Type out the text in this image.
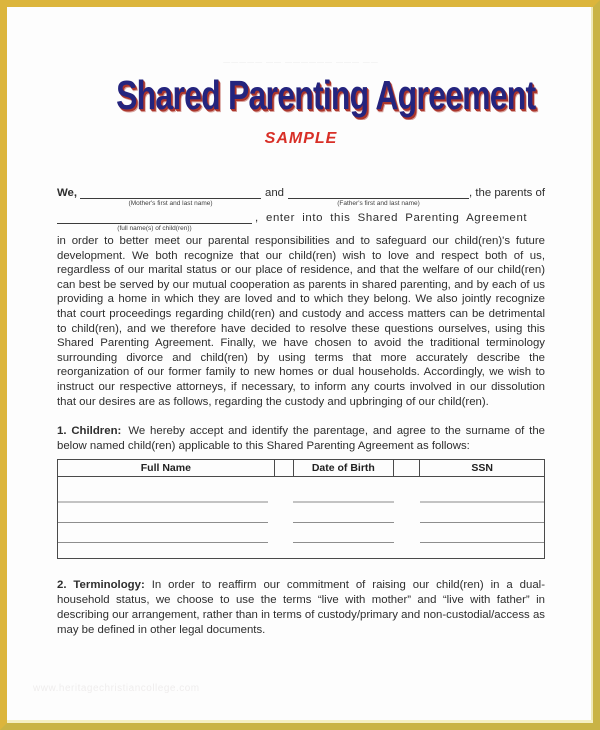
――――― ―― ―――――― ――― ――
Shared Parenting Agreement
SAMPLE
We,
(Mother's first and last name)
and
(Father's first and last name)
, the parents of
(full name(s) of child(ren))
, enter into this Shared Parenting Agreement

in order to better meet our parental responsibilities and to safeguard our child(ren)'s future development. We both recognize that our child(ren) wish to love and respect both of us, regardless of our marital status or our place of residence, and that the welfare of our child(ren) can best be served by our mutual cooperation as parents in shared parenting, and by each of us providing a home in which they are loved and to which they belong. We also jointly recognize that court proceedings regarding child(ren) and custody and access matters can be detrimental to child(ren), and we therefore have decided to resolve these questions ourselves, using this Shared Parenting Agreement. Finally, we have chosen to avoid the traditional terminology surrounding divorce and child(ren) by using terms that more accurately describe the reorganization of our former family to new homes or dual households. Accordingly, we wish to instruct our respective attorneys, if necessary, to inform any courts involved in our dissolution that our desires are as follows, regarding the custody and upbringing of our child(ren).

1. Children: We hereby accept and identify the parentage, and agree to the surname of the below named child(ren) applicable to this Shared Parenting Agreement as follows:

Full Name		Date of Birth		SSN

2. Terminology: In order to reaffirm our commitment of raising our child(ren) in a dual-household status, we choose to use the terms “live with mother” and “live with father” in describing our arrangement, rather than in terms of custody/primary and non-custodial/access as may be defined in other legal documents.

www.heritagechristiancollege.com
